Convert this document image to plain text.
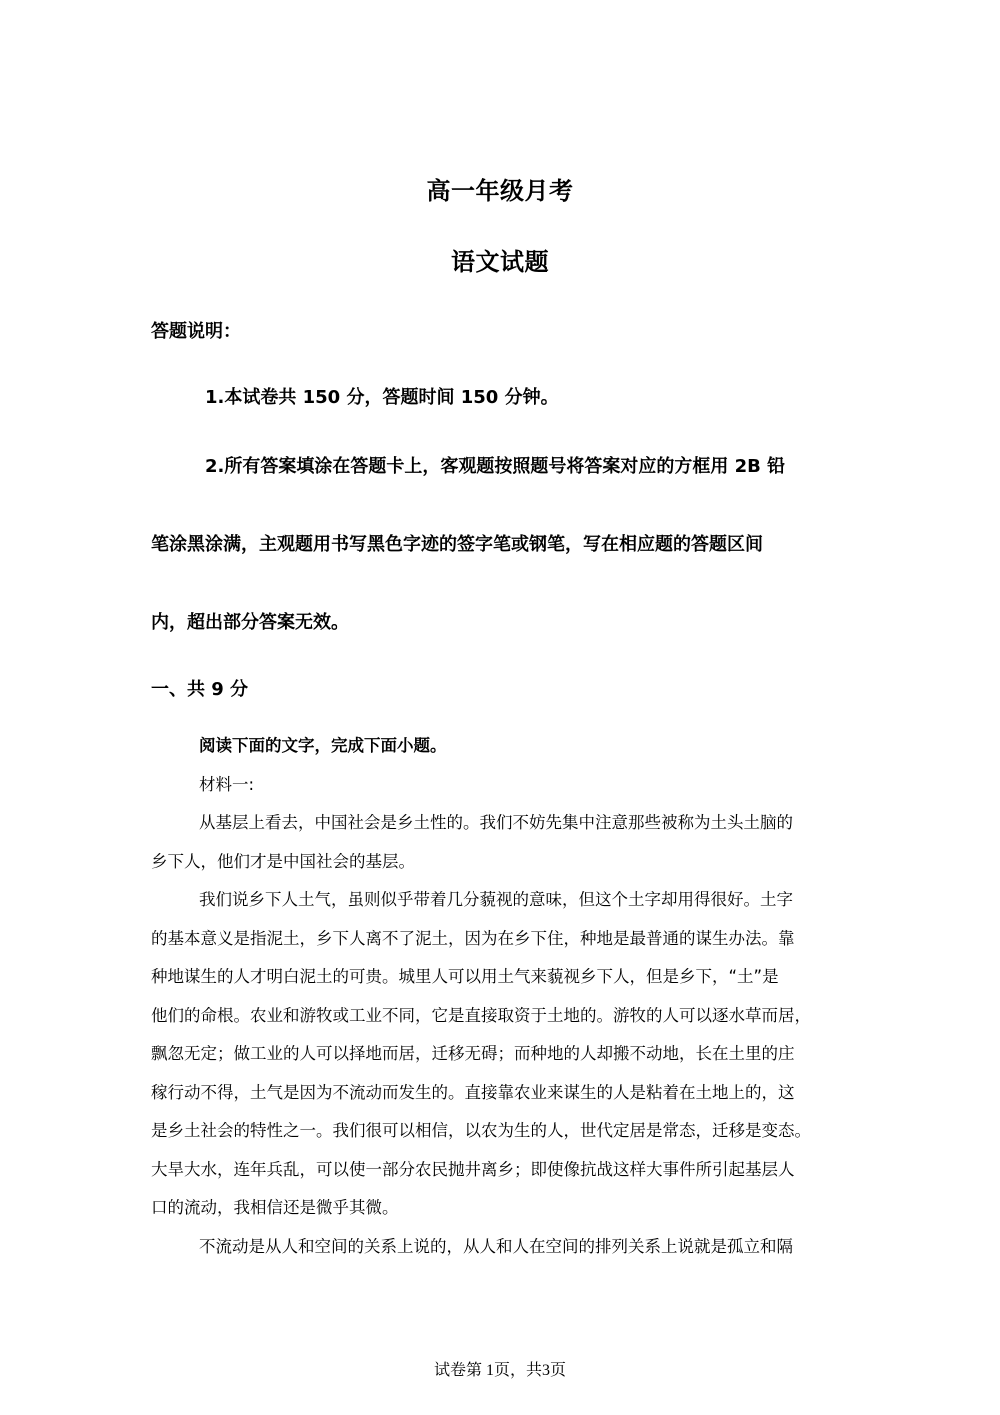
高一年级月考
语文试题
答题说明：
1.本试卷共 150 分，答题时间 150 分钟。
2.所有答案填涂在答题卡上，客观题按照题号将答案对应的方框用 2B 铅
笔涂黑涂满，主观题用书写黑色字迹的签字笔或钢笔，写在相应题的答题区间
内，超出部分答案无效。
一、共 9 分
阅读下面的文字，完成下面小题。
材料一:
从基层上看去，中国社会是乡土性的。我们不妨先集中注意那些被称为土头土脑的
乡下人，他们才是中国社会的基层。
我们说乡下人土气，虽则似乎带着几分藐视的意味，但这个土字却用得很好。土字
的基本意义是指泥土，乡下人离不了泥土，因为在乡下住，种地是最普通的谋生办法。靠
种地谋生的人才明白泥土的可贵。城里人可以用土气来藐视乡下人，但是乡下，“土”是
他们的命根。农业和游牧或工业不同，它是直接取资于土地的。游牧的人可以逐水草而居，
飘忽无定；做工业的人可以择地而居，迁移无碍；而种地的人却搬不动地，长在土里的庄
稼行动不得，土气是因为不流动而发生的。直接靠农业来谋生的人是粘着在土地上的，这
是乡土社会的特性之一。我们很可以相信，以农为生的人，世代定居是常态，迁移是变态。
大旱大水，连年兵乱，可以使一部分农民抛井离乡；即使像抗战这样大事件所引起基层人
口的流动，我相信还是微乎其微。
不流动是从人和空间的关系上说的，从人和人在空间的排列关系上说就是孤立和隔
试卷第 1页，共3页
